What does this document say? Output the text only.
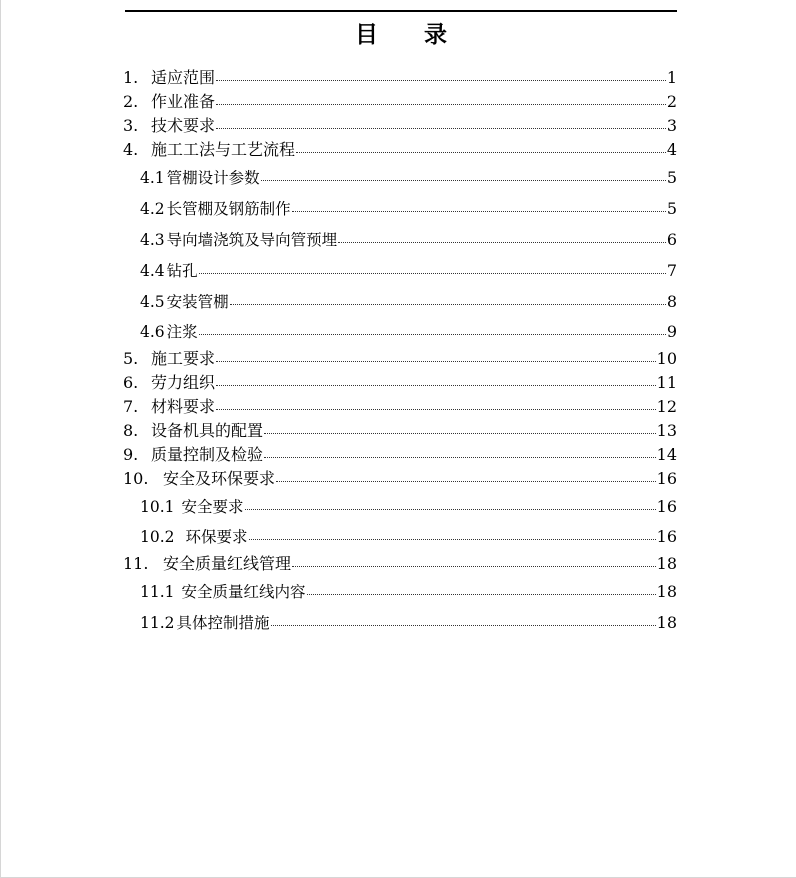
目 录
1. 适应范围	1
2. 作业准备	2
3. 技术要求	3
4. 施工工法与工艺流程	4
4.1 管棚设计参数	5
4.2 长管棚及钢筋制作	5
4.3 导向墙浇筑及导向管预埋	6
4.4 钻孔	7
4.5 安装管棚	8
4.6 注浆	9
5. 施工要求	10
6. 劳力组织	11
7. 材料要求	12
8. 设备机具的配置	13
9. 质量控制及检验	14
10. 安全及环保要求	16
10.1 安全要求	16
10.2 环保要求	16
11. 安全质量红线管理	18
11.1 安全质量红线内容	18
11.2 具体控制措施	18
